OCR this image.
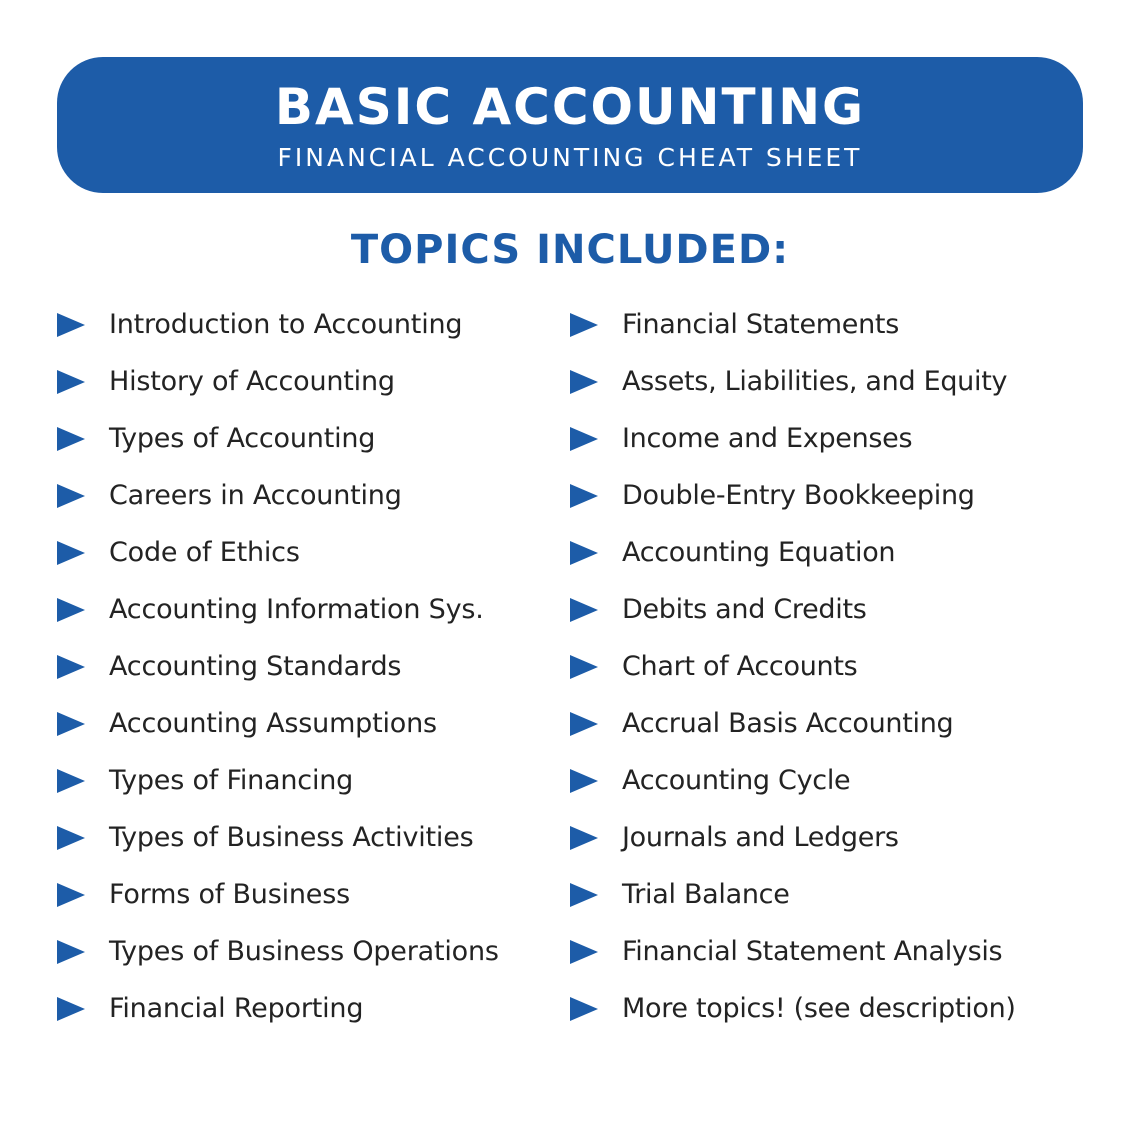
BASIC ACCOUNTING
FINANCIAL ACCOUNTING CHEAT SHEET
TOPICS INCLUDED:
Introduction to Accounting
History of Accounting
Types of Accounting
Careers in Accounting
Code of Ethics
Accounting Information Sys.
Accounting Standards
Accounting Assumptions
Types of Financing
Types of Business Activities
Forms of Business
Types of Business Operations
Financial Reporting
Financial Statements
Assets, Liabilities, and Equity
Income and Expenses
Double-Entry Bookkeeping
Accounting Equation
Debits and Credits
Chart of Accounts
Accrual Basis Accounting
Accounting Cycle
Journals and Ledgers
Trial Balance
Financial Statement Analysis
More topics! (see description)
